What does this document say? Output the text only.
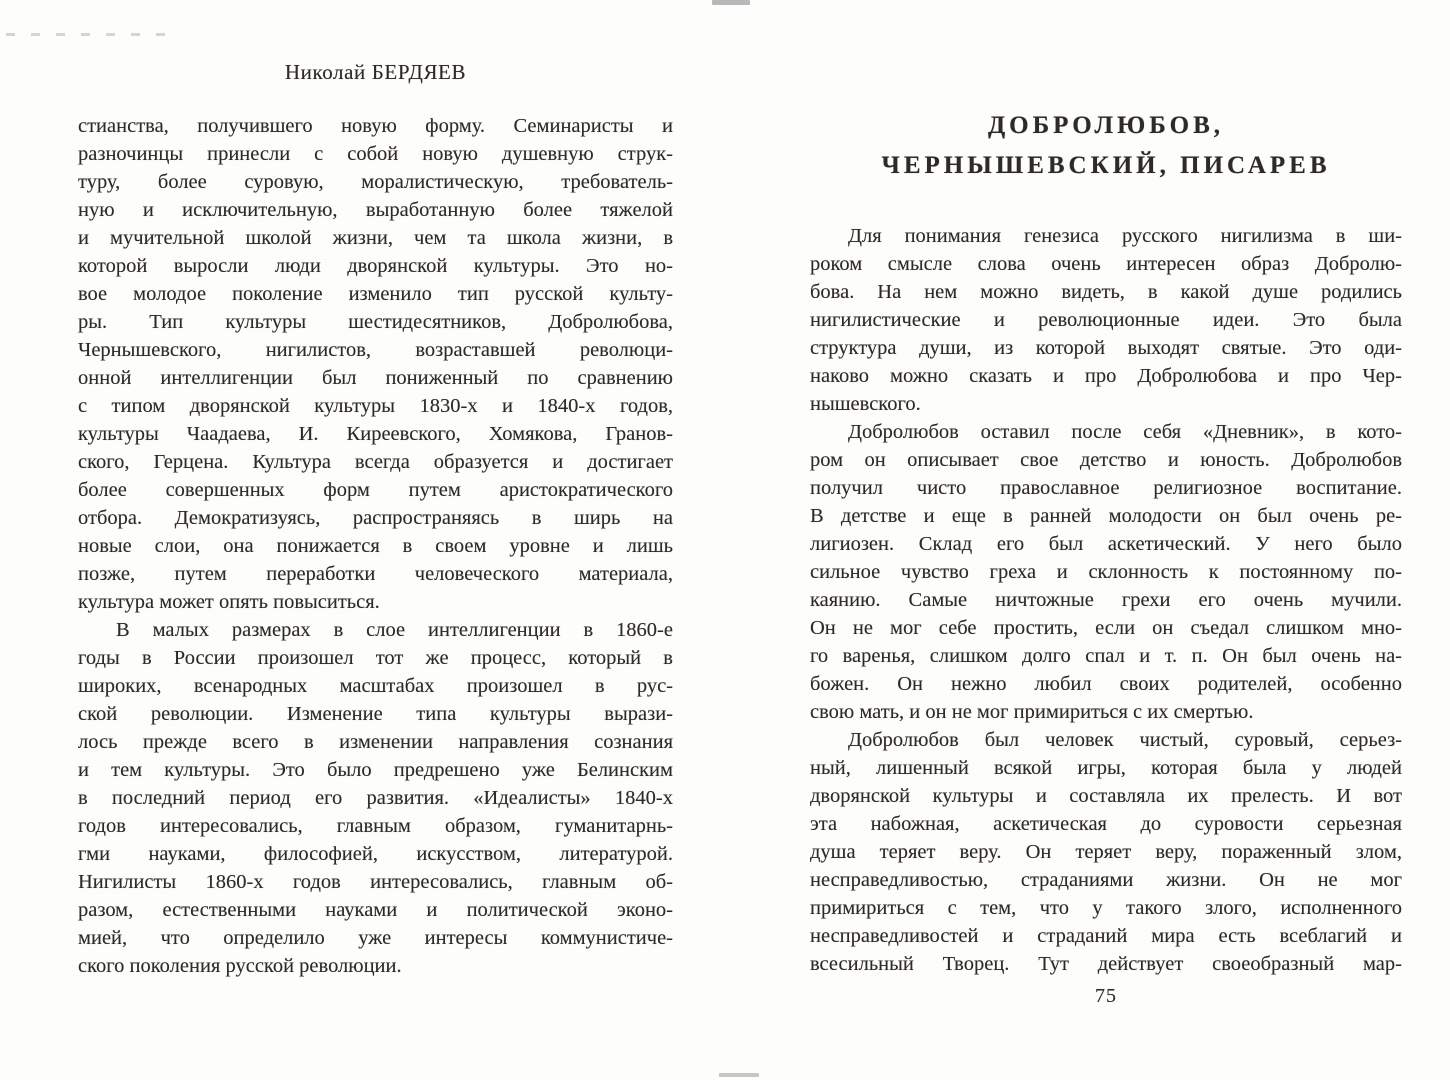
Николай БЕРДЯЕВ
стианства, получившего новую форму. Семинаристы и
разночинцы принесли с собой новую душевную струк-
туру, более суровую, моралистическую, требователь-
ную и исключительную, выработанную более тяжелой
и мучительной школой жизни, чем та школа жизни, в
которой выросли люди дворянской культуры. Это но-
вое молодое поколение изменило тип русской культу-
ры. Тип культуры шестидесятников, Добролюбова,
Чернышевского, нигилистов, возраставшей революци-
онной интеллигенции был пониженный по сравнению
с типом дворянской культуры 1830-х и 1840-х годов,
культуры Чаадаева, И. Киреевского, Хомякова, Гранов-
ского, Герцена. Культура всегда образуется и достигает
более совершенных форм путем аристократического
отбора. Демократизуясь, распространяясь в ширь на
новые слои, она понижается в своем уровне и лишь
позже, путем переработки человеческого материала,
культура может опять повыситься.
В малых размерах в слое интеллигенции в 1860-е
годы в России произошел тот же процесс, который в
широких, всенародных масштабах произошел в рус-
ской революции. Изменение типа культуры вырази-
лось прежде всего в изменении направления сознания
и тем культуры. Это было предрешено уже Белинским
в последний период его развития. «Идеалисты» 1840-х
годов интересовались, главным образом, гуманитарнь-
гми науками, философией, искусством, литературой.
Нигилисты 1860-х годов интересовались, главным об-
разом, естественными науками и политической эконо-
мией, что определило уже интересы коммунистиче-
ского поколения русской революции.
ДОБРОЛЮБОВ,
ЧЕРНЫШЕВСКИЙ, ПИСАРЕВ
Для понимания генезиса русского нигилизма в ши-
роком смысле слова очень интересен образ Добролю-
бова. На нем можно видеть, в какой душе родились
нигилистические и революционные идеи. Это была
структура души, из которой выходят святые. Это оди-
наково можно сказать и про Добролюбова и про Чер-
нышевского.
Добролюбов оставил после себя «Дневник», в кото-
ром он описывает свое детство и юность. Добролюбов
получил чисто православное религиозное воспитание.
В детстве и еще в ранней молодости он был очень ре-
лигиозен. Склад его был аскетический. У него было
сильное чувство греха и склонность к постоянному по-
каянию. Самые ничтожные грехи его очень мучили.
Он не мог себе простить, если он съедал слишком мно-
го варенья, слишком долго спал и т. п. Он был очень на-
божен. Он нежно любил своих родителей, особенно
свою мать, и он не мог примириться с их смертью.
Добролюбов был человек чистый, суровый, серьез-
ный, лишенный всякой игры, которая была у людей
дворянской культуры и составляла их прелесть. И вот
эта набожная, аскетическая до суровости серьезная
душа теряет веру. Он теряет веру, пораженный злом,
несправедливостью, страданиями жизни. Он не мог
примириться с тем, что у такого злого, исполненного
несправедливостей и страданий мира есть всеблагий и
всесильный Творец. Тут действует своеобразный мар-
75
